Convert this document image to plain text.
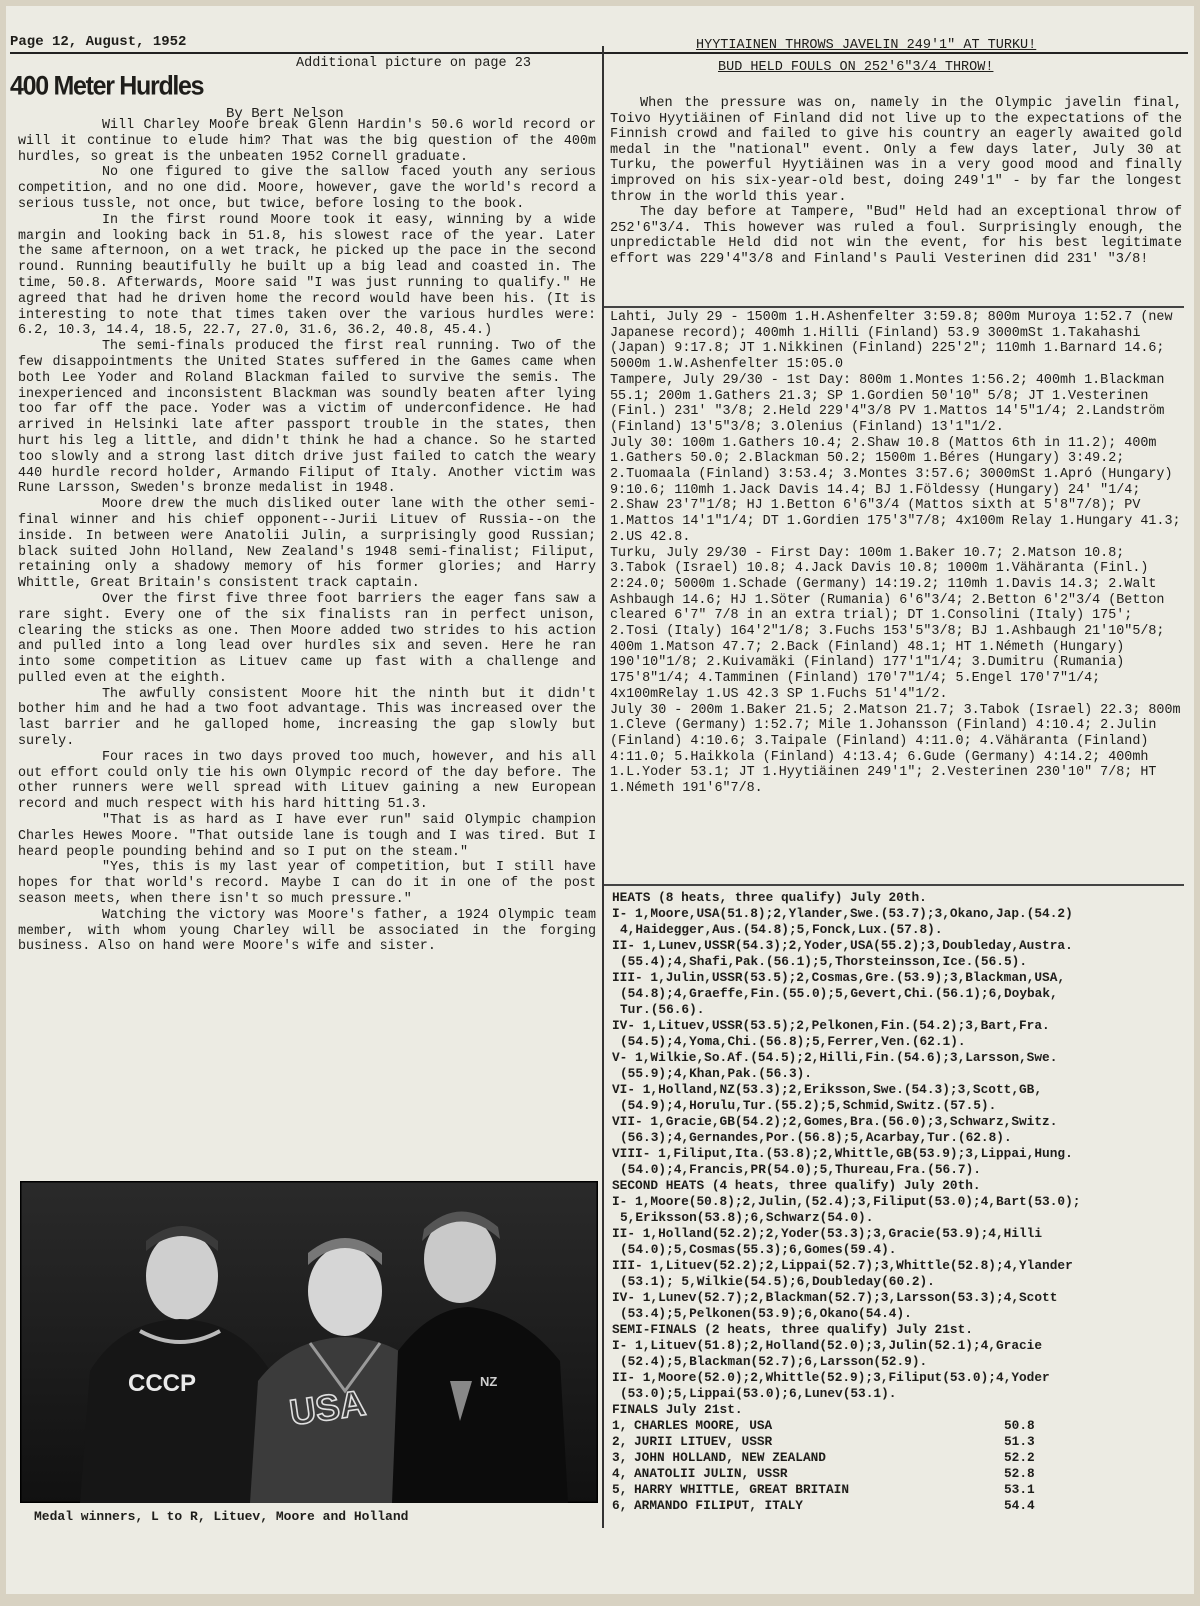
Page 12, August, 1952
400 Meter Hurdles
Additional picture on page 23
By Bert Nelson

Will Charley Moore break Glenn Hardin's 50.6 world record or will it continue to elude him? That was the big question of the 400m hurdles, so great is the unbeaten 1952 Cornell graduate.

No one figured to give the sallow faced youth any serious competition, and no one did. Moore, however, gave the world's record a serious tussle, not once, but twice, before losing to the book.

In the first round Moore took it easy, winning by a wide margin and looking back in 51.8, his slowest race of the year. Later the same afternoon, on a wet track, he picked up the pace in the second round. Running beautifully he built up a big lead and coasted in. The time, 50.8. Afterwards, Moore said "I was just running to qualify." He agreed that had he driven home the record would have been his. (It is interesting to note that times taken over the various hurdles were: 6.2, 10.3, 14.4, 18.5, 22.7, 27.0, 31.6, 36.2, 40.8, 45.4.)

The semi-finals produced the first real running. Two of the few disappointments the United States suffered in the Games came when both Lee Yoder and Roland Blackman failed to survive the semis. The inexperienced and inconsistent Blackman was soundly beaten after lying too far off the pace. Yoder was a victim of underconfidence. He had arrived in Helsinki late after passport trouble in the states, then hurt his leg a little, and didn't think he had a chance. So he started too slowly and a strong last ditch drive just failed to catch the weary 440 hurdle record holder, Armando Filiput of Italy. Another victim was Rune Larsson, Sweden's bronze medalist in 1948.

Moore drew the much disliked outer lane with the other semi-final winner and his chief opponent--Jurii Lituev of Russia--on the inside. In between were Anatolii Julin, a surprisingly good Russian; black suited John Holland, New Zealand's 1948 semi-finalist; Filiput, retaining only a shadowy memory of his former glories; and Harry Whittle, Great Britain's consistent track captain.

Over the first five three foot barriers the eager fans saw a rare sight. Every one of the six finalists ran in perfect unison, clearing the sticks as one. Then Moore added two strides to his action and pulled into a long lead over hurdles six and seven. Here he ran into some competition as Lituev came up fast with a challenge and pulled even at the eighth.

The awfully consistent Moore hit the ninth but it didn't bother him and he had a two foot advantage. This was increased over the last barrier and he galloped home, increasing the gap slowly but surely.

Four races in two days proved too much, however, and his all out effort could only tie his own Olympic record of the day before. The other runners were well spread with Lituev gaining a new European record and much respect with his hard hitting 51.3.

"That is as hard as I have ever run" said Olympic champion Charles Hewes Moore. "That outside lane is tough and I was tired. But I heard people pounding behind and so I put on the steam."

"Yes, this is my last year of competition, but I still have hopes for that world's record. Maybe I can do it in one of the post season meets, when there isn't so much pressure."

Watching the victory was Moore's father, a 1924 Olympic team member, with whom young Charley will be associated in the forging business. Also on hand were Moore's wife and sister.

CCCP	USA
NZ
Medal winners, L to R, Lituev, Moore and Holland
HYYTIAINEN THROWS JAVELIN 249'1" AT TURKU!
BUD HELD FOULS ON 252'6"3/4 THROW!

When the pressure was on, namely in the Olympic javelin final, Toivo Hyytiäinen of Finland did not live up to the expectations of the Finnish crowd and failed to give his country an eagerly awaited gold medal in the "national" event. Only a few days later, July 30 at Turku, the powerful Hyytiäinen was in a very good mood and finally improved on his six-year-old best, doing 249'1" - by far the longest throw in the world this year.

The day before at Tampere, "Bud" Held had an exceptional throw of 252'6"3/4. This however was ruled a foul. Surprisingly enough, the unpredictable Held did not win the event, for his best legitimate effort was 229'4"3/8 and Finland's Pauli Vesterinen did 231' "3/8!

Lahti, July 29 - 1500m 1.H.Ashenfelter 3:59.8; 800m Muroya 1:52.7 (new Japanese record); 400mh 1.Hilli (Finland) 53.9 3000mSt 1.Takahashi (Japan) 9:17.8; JT 1.Nikkinen (Finland) 225'2"; 110mh 1.Barnard 14.6; 5000m 1.W.Ashenfelter 15:05.0

Tampere, July 29/30 - 1st Day: 800m 1.Montes 1:56.2; 400mh 1.Blackman 55.1; 200m 1.Gathers 21.3; SP 1.Gordien 50'10" 5/8; JT 1.Vesterinen (Finl.) 231' "3/8; 2.Held 229'4"3/8 PV 1.Mattos 14'5"1/4; 2.Landström (Finland) 13'5"3/8; 3.Olenius (Finland) 13'1"1/2.

July 30: 100m 1.Gathers 10.4; 2.Shaw 10.8 (Mattos 6th in 11.2); 400m 1.Gathers 50.0; 2.Blackman 50.2; 1500m 1.Béres (Hungary) 3:49.2; 2.Tuomaala (Finland) 3:53.4; 3.Montes 3:57.6; 3000mSt 1.Apró (Hungary) 9:10.6; 110mh 1.Jack Davis 14.4; BJ 1.Földessy (Hungary) 24' "1/4; 2.Shaw 23'7"1/8; HJ 1.Betton 6'6"3/4 (Mattos sixth at 5'8"7/8); PV 1.Mattos 14'1"1/4; DT 1.Gordien 175'3"7/8; 4x100m Relay 1.Hungary 41.3; 2.US 42.8.

Turku, July 29/30 - First Day: 100m 1.Baker 10.7; 2.Matson 10.8; 3.Tabok (Israel) 10.8; 4.Jack Davis 10.8; 1000m 1.Vähäranta (Finl.) 2:24.0; 5000m 1.Schade (Germany) 14:19.2; 110mh 1.Davis 14.3; 2.Walt Ashbaugh 14.6; HJ 1.Söter (Rumania) 6'6"3/4; 2.Betton 6'2"3/4 (Betton cleared 6'7" 7/8 in an extra trial); DT 1.Consolini (Italy) 175'; 2.Tosi (Italy) 164'2"1/8; 3.Fuchs 153'5"3/8; BJ 1.Ashbaugh 21'10"5/8; 400m 1.Matson 47.7; 2.Back (Finland) 48.1; HT 1.Németh (Hungary) 190'10"1/8; 2.Kuivamäki (Finland) 177'1"1/4; 3.Dumitru (Rumania) 175'8"1/4; 4.Tamminen (Finland) 170'7"1/4; 5.Engel 170'7"1/4; 4x100mRelay 1.US 42.3 SP 1.Fuchs 51'4"1/2.

July 30 - 200m 1.Baker 21.5; 2.Matson 21.7; 3.Tabok (Israel) 22.3; 800m 1.Cleve (Germany) 1:52.7; Mile 1.Johansson (Finland) 4:10.4; 2.Julin (Finland) 4:10.6; 3.Taipale (Finland) 4:11.0; 4.Vähäranta (Finland) 4:11.0; 5.Haikkola (Finland) 4:13.4; 6.Gude (Germany) 4:14.2; 400mh 1.L.Yoder 53.1; JT 1.Hyytiäinen 249'1"; 2.Vesterinen 230'10" 7/8; HT 1.Németh 191'6"7/8.

HEATS (8 heats, three qualify) July 20th.
I- 1,Moore,USA(51.8);2,Ylander,Swe.(53.7);3,Okano,Jap.(54.2)
4,Haidegger,Aus.(54.8);5,Fonck,Lux.(57.8).
II- 1,Lunev,USSR(54.3);2,Yoder,USA(55.2);3,Doubleday,Austra.
(55.4);4,Shafi,Pak.(56.1);5,Thorsteinsson,Ice.(56.5).
III- 1,Julin,USSR(53.5);2,Cosmas,Gre.(53.9);3,Blackman,USA,
(54.8);4,Graeffe,Fin.(55.0);5,Gevert,Chi.(56.1);6,Doybak,
Tur.(56.6).
IV- 1,Lituev,USSR(53.5);2,Pelkonen,Fin.(54.2);3,Bart,Fra.
(54.5);4,Yoma,Chi.(56.8);5,Ferrer,Ven.(62.1).
V- 1,Wilkie,So.Af.(54.5);2,Hilli,Fin.(54.6);3,Larsson,Swe.
(55.9);4,Khan,Pak.(56.3).
VI- 1,Holland,NZ(53.3);2,Eriksson,Swe.(54.3);3,Scott,GB,
(54.9);4,Horulu,Tur.(55.2);5,Schmid,Switz.(57.5).
VII- 1,Gracie,GB(54.2);2,Gomes,Bra.(56.0);3,Schwarz,Switz.
(56.3);4,Gernandes,Por.(56.8);5,Acarbay,Tur.(62.8).
VIII- 1,Filiput,Ita.(53.8);2,Whittle,GB(53.9);3,Lippai,Hung.
(54.0);4,Francis,PR(54.0);5,Thureau,Fra.(56.7).
SECOND HEATS (4 heats, three qualify) July 20th.
I- 1,Moore(50.8);2,Julin,(52.4);3,Filiput(53.0);4,Bart(53.0);
5,Eriksson(53.8);6,Schwarz(54.0).
II- 1,Holland(52.2);2,Yoder(53.3);3,Gracie(53.9);4,Hilli
(54.0);5,Cosmas(55.3);6,Gomes(59.4).
III- 1,Lituev(52.2);2,Lippai(52.7);3,Whittle(52.8);4,Ylander
(53.1); 5,Wilkie(54.5);6,Doubleday(60.2).
IV- 1,Lunev(52.7);2,Blackman(52.7);3,Larsson(53.3);4,Scott
(53.4);5,Pelkonen(53.9);6,Okano(54.4).
SEMI-FINALS (2 heats, three qualify) July 21st.
I- 1,Lituev(51.8);2,Holland(52.0);3,Julin(52.1);4,Gracie
(52.4);5,Blackman(52.7);6,Larsson(52.9).
II- 1,Moore(52.0);2,Whittle(52.9);3,Filiput(53.0);4,Yoder
(53.0);5,Lippai(53.0);6,Lunev(53.1).
FINALS July 21st.
1, CHARLES MOORE, USA	50.8
2, JURII LITUEV, USSR	51.3
3, JOHN HOLLAND, NEW ZEALAND	52.2
4, ANATOLII JULIN, USSR	52.8
5, HARRY WHITTLE, GREAT BRITAIN	53.1
6, ARMANDO FILIPUT, ITALY	54.4
